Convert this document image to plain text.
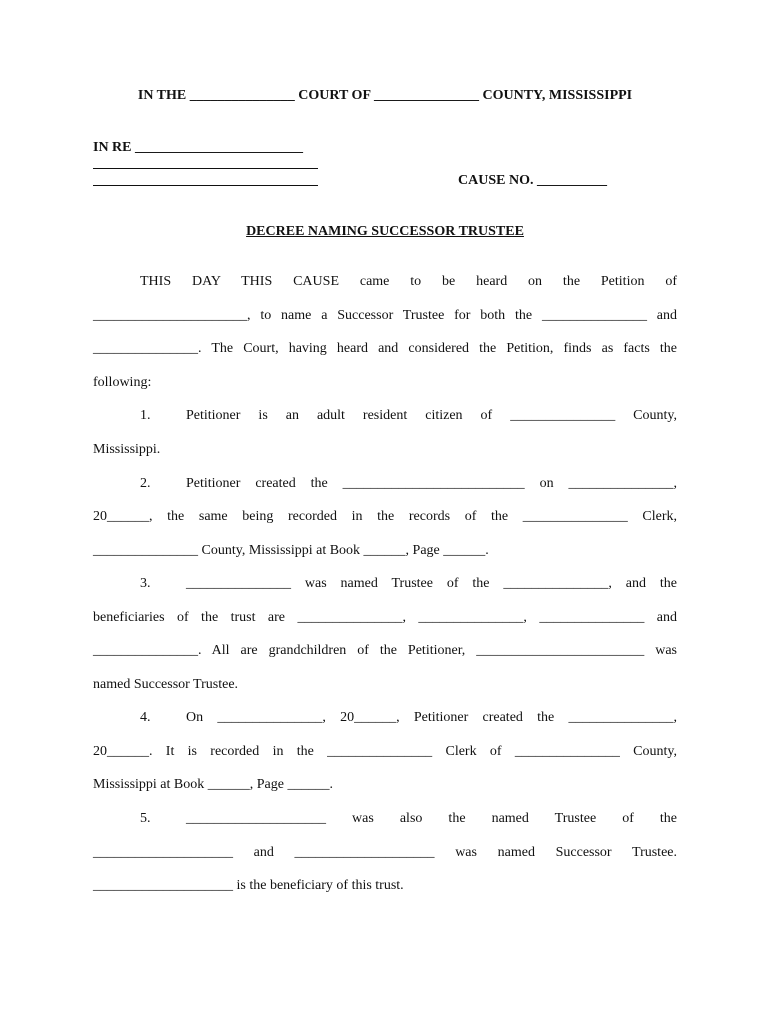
IN THE _______________ COURT OF _______________ COUNTY, MISSISSIPPI
IN RE ________________________
CAUSE NO. __________
DECREE NAMING SUCCESSOR TRUSTEE
THIS DAY THIS CAUSE came to be heard on the Petition of
______________________, to name a Successor Trustee for both the _______________ and
_______________. The Court, having heard and considered the Petition, finds as facts the
following:
1.	Petitioner is an adult resident citizen of _______________ County,
Mississippi.
2.	Petitioner created the __________________________ on _______________,
20______, the same being recorded in the records of the _______________ Clerk,
_______________ County, Mississippi at Book ______, Page ______.
3.	_______________ was named Trustee of the _______________, and the
beneficiaries of the trust are _______________, _______________, _______________ and
_______________. All are grandchildren of the Petitioner, ________________________ was
named Successor Trustee.
4.	On _______________, 20______, Petitioner created the _______________,
20______. It is recorded in the _______________ Clerk of _______________ County,
Mississippi at Book ______, Page ______.
5.	____________________ was also the named Trustee of the
____________________ and ____________________ was named Successor Trustee.
____________________ is the beneficiary of this trust.
